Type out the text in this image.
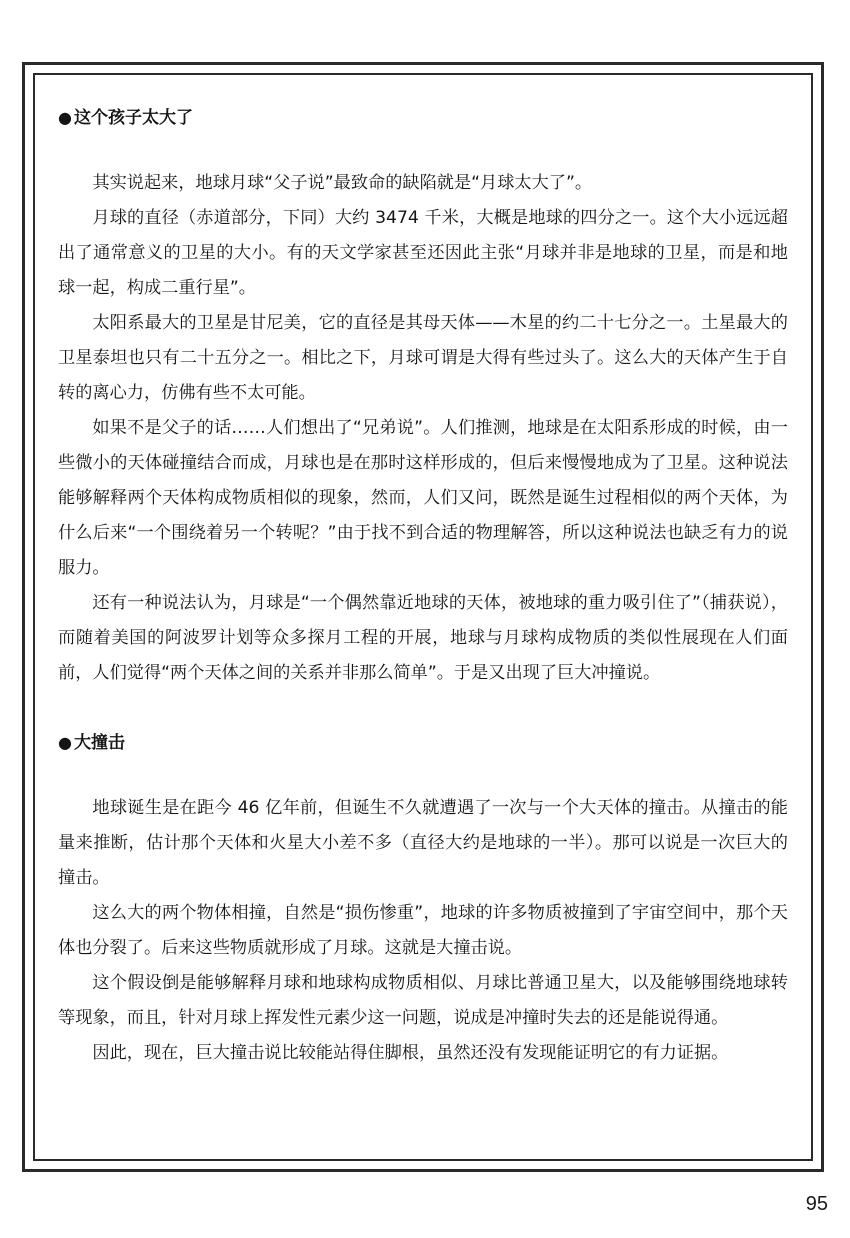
● 这个孩子太大了

其实说起来，地球月球“父子说”最致命的缺陷就是“月球太大了”。

月球的直径（赤道部分，下同）大约 3474 千米，大概是地球的四分之一。这个大小远远超出了通常意义的卫星的大小。有的天文学家甚至还因此主张“月球并非是地球的卫星，而是和地球一起，构成二重行星”。

太阳系最大的卫星是甘尼美，它的直径是其母天体——木星的约二十七分之一。土星最大的卫星泰坦也只有二十五分之一。相比之下，月球可谓是大得有些过头了。这么大的天体产生于自转的离心力，仿佛有些不太可能。

如果不是父子的话……人们想出了“兄弟说”。人们推测，地球是在太阳系形成的时候，由一些微小的天体碰撞结合而成，月球也是在那时这样形成的，但后来慢慢地成为了卫星。这种说法能够解释两个天体构成物质相似的现象，然而，人们又问，既然是诞生过程相似的两个天体，为什么后来“一个围绕着另一个转呢？”由于找不到合适的物理解答，所以这种说法也缺乏有力的说服力。

还有一种说法认为，月球是“一个偶然靠近地球的天体，被地球的重力吸引住了”（捕获说），而随着美国的阿波罗计划等众多探月工程的开展，地球与月球构成物质的类似性展现在人们面前，人们觉得“两个天体之间的关系并非那么简单”。于是又出现了巨大冲撞说。

● 大撞击

地球诞生是在距今 46 亿年前，但诞生不久就遭遇了一次与一个大天体的撞击。从撞击的能量来推断，估计那个天体和火星大小差不多（直径大约是地球的一半）。那可以说是一次巨大的撞击。

这么大的两个物体相撞，自然是“损伤惨重”，地球的许多物质被撞到了宇宙空间中，那个天体也分裂了。后来这些物质就形成了月球。这就是大撞击说。

这个假设倒是能够解释月球和地球构成物质相似、月球比普通卫星大，以及能够围绕地球转等现象，而且，针对月球上挥发性元素少这一问题，说成是冲撞时失去的还是能说得通。

因此，现在，巨大撞击说比较能站得住脚根，虽然还没有发现能证明它的有力证据。

95
